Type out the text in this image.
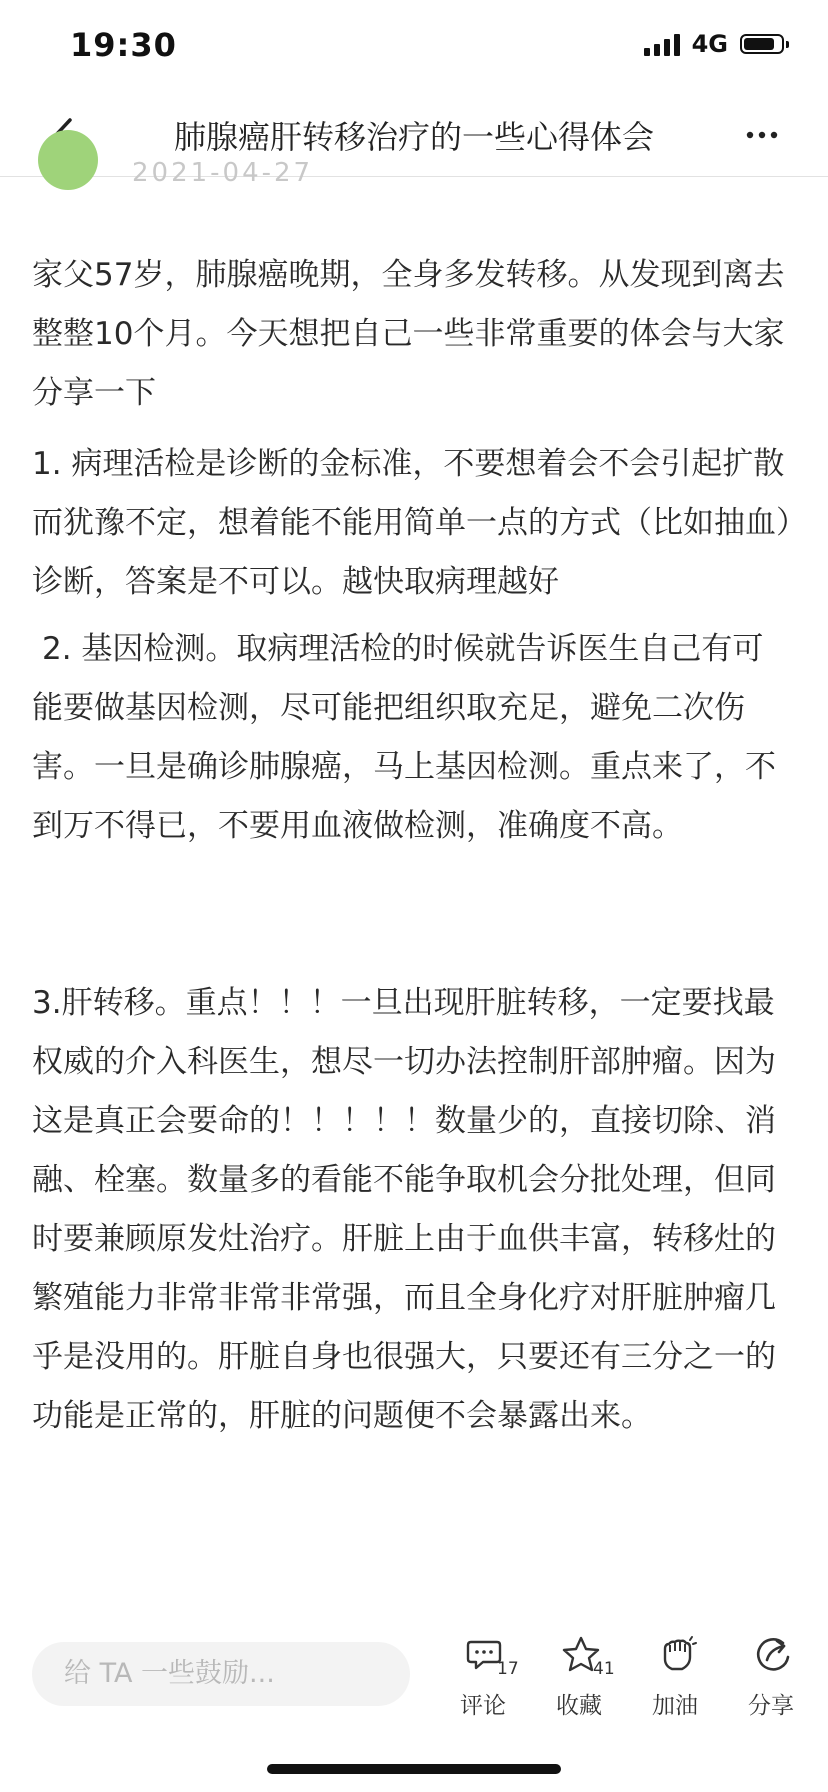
19:30	4G
肺腺癌肝转移治疗的一些心得体会
2021-04-27

家父57岁，肺腺癌晚期，全身多发转移。从发现到离去整整10个月。今天想把自己一些非常重要的体会与大家分享一下

1. 病理活检是诊断的金标准，不要想着会不会引起扩散而犹豫不定，想着能不能用简单一点的方式（比如抽血）诊断，答案是不可以。越快取病理越好

2. 基因检测。取病理活检的时候就告诉医生自己有可能要做基因检测，尽可能把组织取充足，避免二次伤害。一旦是确诊肺腺癌，马上基因检测。重点来了，不到万不得已，不要用血液做检测，准确度不高。

3.肝转移。重点！！！一旦出现肝脏转移，一定要找最权威的介入科医生，想尽一切办法控制肝部肿瘤。因为这是真正会要命的！！！！！数量少的，直接切除、消融、栓塞。数量多的看能不能争取机会分批处理，但同时要兼顾原发灶治疗。肝脏上由于血供丰富，转移灶的繁殖能力非常非常非常强，而且全身化疗对肝脏肿瘤几乎是没用的。肝脏自身也很强大，只要还有三分之一的功能是正常的，肝脏的问题便不会暴露出来。

给 TA 一些鼓励...	17
评论
41
收藏	加油	分享
